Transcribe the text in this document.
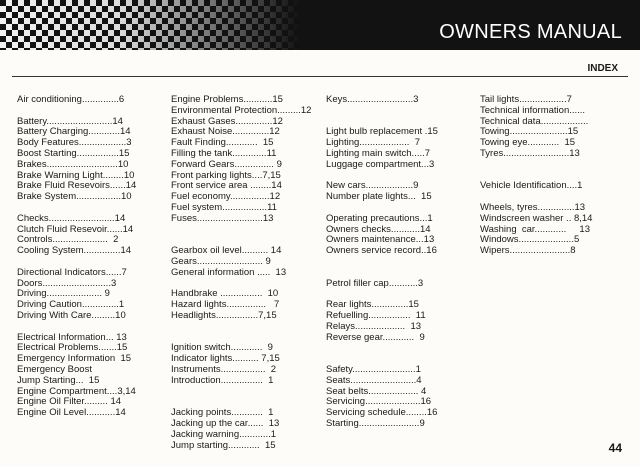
OWNERS MANUAL
INDEX
Air conditioning..............6
Battery.........................14
Battery Charging............14
Body Features..................3
Boost Starting................15
Brakes...........................10
Brake Warning Light........10
Brake Fluid Resevoirs......14
Brake System.................10
Checks.........................14
Clutch Fluid Resevoir......14
Controls.....................  2
Cooling System..............14
Directional Indicators......7
Doors..........................3
Driving..................... 9
Driving Caution..............1
Driving With Care.........10
Electrical Information... 13
Electrical Problems.......15
Emergency Information  15
Emergency Boost
Jump Starting...  15
Engine Compartment....3,14
Engine Oil Filter......... 14
Engine Oil Level...........14
Engine Problems...........15
Environmental Protection.........12
Exhaust Gases..............12
Exhaust Noise..............12
Fault Finding............  15
Filling the tank.............11
Forward Gears............... 9
Front parking lights....7,15
Front service area ........14
Fuel economy...............12
Fuel system.................11
Fuses.........................13
Gearbox oil level.......... 14
Gears......................... 9
General information .....  13
Handbrake ................  10
Hazard lights...............   7
Headlights................7,15
Ignition switch............  9
Indicator lights.......... 7,15
Instruments.................  2
Introduction................  1
Jacking points............  1
Jacking up the car......  13
Jacking warning............1
Jump starting............  15
Keys.........................3
Light bulb replacement .15
Lighting...................  7
Lighting main switch.....7
Luggage compartment...3
New cars..................9
Number plate lights...  15
Operating precautions...1
Owners checks...........14
Owners maintenance...13
Owners service record..16
Petrol filler cap...........3
Rear lights..............15
Refuelling................  11
Relays...................  13
Reverse gear............  9
Safety........................1
Seats.........................4
Seat belts................... 4
Servicing.....................16
Servicing schedule........16
Starting.......................9
Tail lights..................7
Technical information......
Technical data..................
Towing......................15
Towing eye............  15
Tyres.........................13
Vehicle Identification....1
Wheels, tyres..............13
Windscreen washer .. 8,14
Washing  car............     13
Windows.....................5
Wipers.......................8
44
